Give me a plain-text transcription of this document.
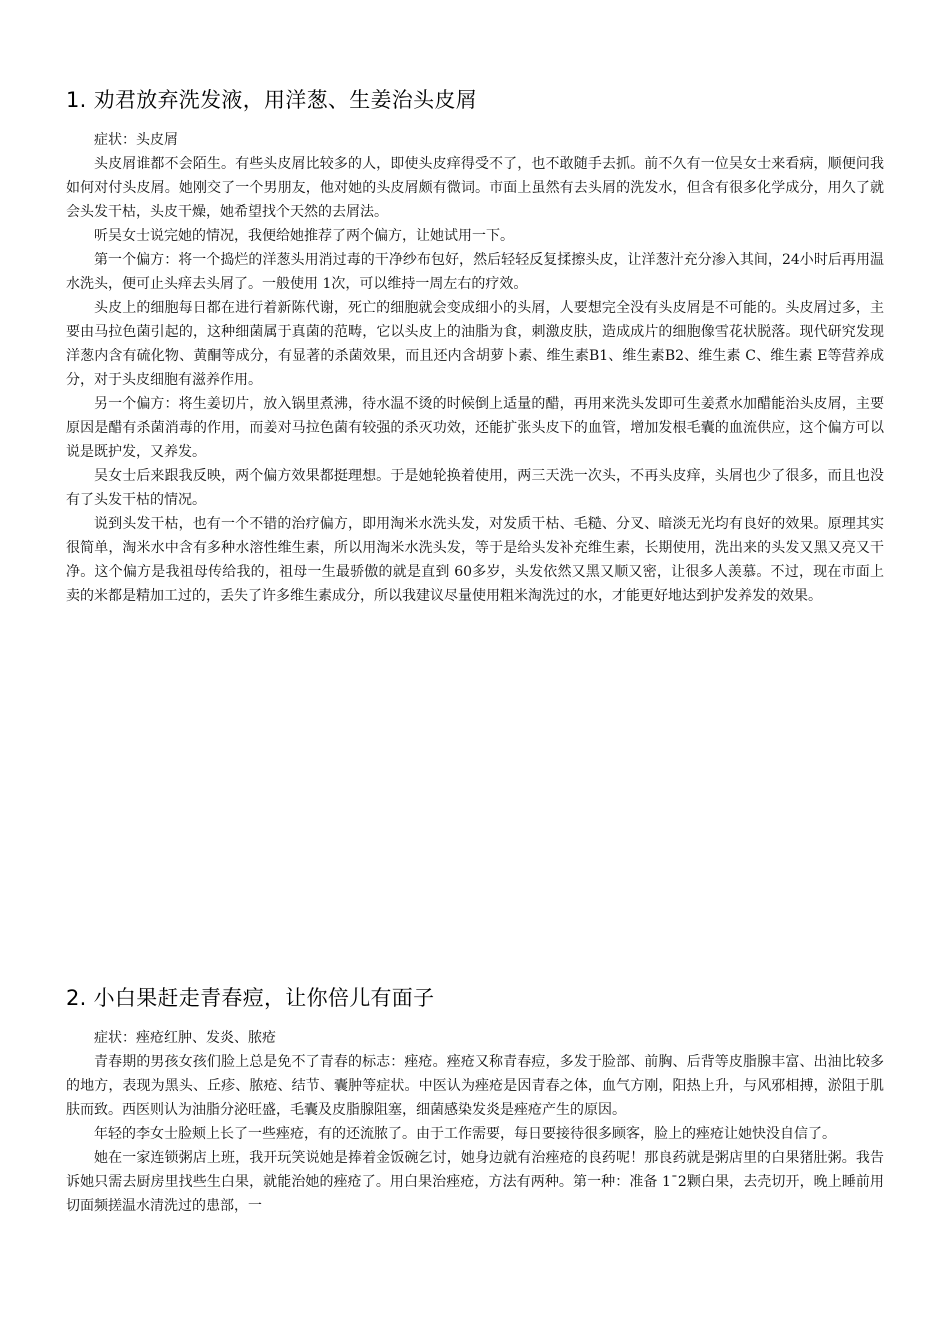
1. 劝君放弃洗发液，用洋葱、生姜治头皮屑

症状：头皮屑

头皮屑谁都不会陌生。有些头皮屑比较多的人，即使头皮痒得受不了，也不敢随手去抓。前不久有一位吴女士来看病，顺便问我如何对付头皮屑。她刚交了一个男朋友，他对她的头皮屑颇有微词。市面上虽然有去头屑的洗发水，但含有很多化学成分，用久了就会头发干枯，头皮干燥，她希望找个天然的去屑法。

听吴女士说完她的情况，我便给她推荐了两个偏方，让她试用一下。

第一个偏方：将一个捣烂的洋葱头用消过毒的干净纱布包好，然后轻轻反复揉擦头皮，让洋葱汁充分渗入其间，24小时后再用温水洗头，便可止头痒去头屑了。一般使用 1次，可以维持一周左右的疗效。

头皮上的细胞每日都在进行着新陈代谢，死亡的细胞就会变成细小的头屑，人要想完全没有头皮屑是不可能的。头皮屑过多，主要由马拉色菌引起的，这种细菌属于真菌的范畴，它以头皮上的油脂为食，刺激皮肤，造成成片的细胞像雪花状脱落。现代研究发现洋葱内含有硫化物、黄酮等成分，有显著的杀菌效果，而且还内含胡萝卜素、维生素B1、维生素B2、维生素 C、维生素 E等营养成分，对于头皮细胞有滋养作用。

另一个偏方：将生姜切片，放入锅里煮沸，待水温不烫的时候倒上适量的醋，再用来洗头发即可生姜煮水加醋能治头皮屑，主要原因是醋有杀菌消毒的作用，而姜对马拉色菌有较强的杀灭功效，还能扩张头皮下的血管，增加发根毛囊的血流供应，这个偏方可以说是既护发，又养发。

吴女士后来跟我反映，两个偏方效果都挺理想。于是她轮换着使用，两三天洗一次头，不再头皮痒，头屑也少了很多，而且也没有了头发干枯的情况。

说到头发干枯，也有一个不错的治疗偏方，即用淘米水洗头发，对发质干枯、毛糙、分叉、暗淡无光均有良好的效果。原理其实很简单，淘米水中含有多种水溶性维生素，所以用淘米水洗头发，等于是给头发补充维生素，长期使用，洗出来的头发又黑又亮又干净。这个偏方是我祖母传给我的，祖母一生最骄傲的就是直到 60多岁，头发依然又黑又顺又密，让很多人羡慕。不过，现在市面上卖的米都是精加工过的，丢失了许多维生素成分，所以我建议尽量使用粗米淘洗过的水，才能更好地达到护发养发的效果。

2. 小白果赶走青春痘，让你倍儿有面子

症状：痤疮红肿、发炎、脓疮

青春期的男孩女孩们脸上总是免不了青春的标志：痤疮。痤疮又称青春痘，多发于脸部、前胸、后背等皮脂腺丰富、出油比较多的地方，表现为黑头、丘疹、脓疮、结节、囊肿等症状。中医认为痤疮是因青春之体，血气方刚，阳热上升，与风邪相搏，淤阻于肌肤而致。西医则认为油脂分泌旺盛，毛囊及皮脂腺阻塞，细菌感染发炎是痤疮产生的原因。

年轻的李女士脸颊上长了一些痤疮，有的还流脓了。由于工作需要，每日要接待很多顾客，脸上的痤疮让她快没自信了。

她在一家连锁粥店上班，我开玩笑说她是捧着金饭碗乞讨，她身边就有治痤疮的良药呢！那良药就是粥店里的白果猪肚粥。我告诉她只需去厨房里找些生白果，就能治她的痤疮了。用白果治痤疮，方法有两种。第一种：准备 1¯2颗白果，去壳切开，晚上睡前用切面频搓温水清洗过的患部，一
